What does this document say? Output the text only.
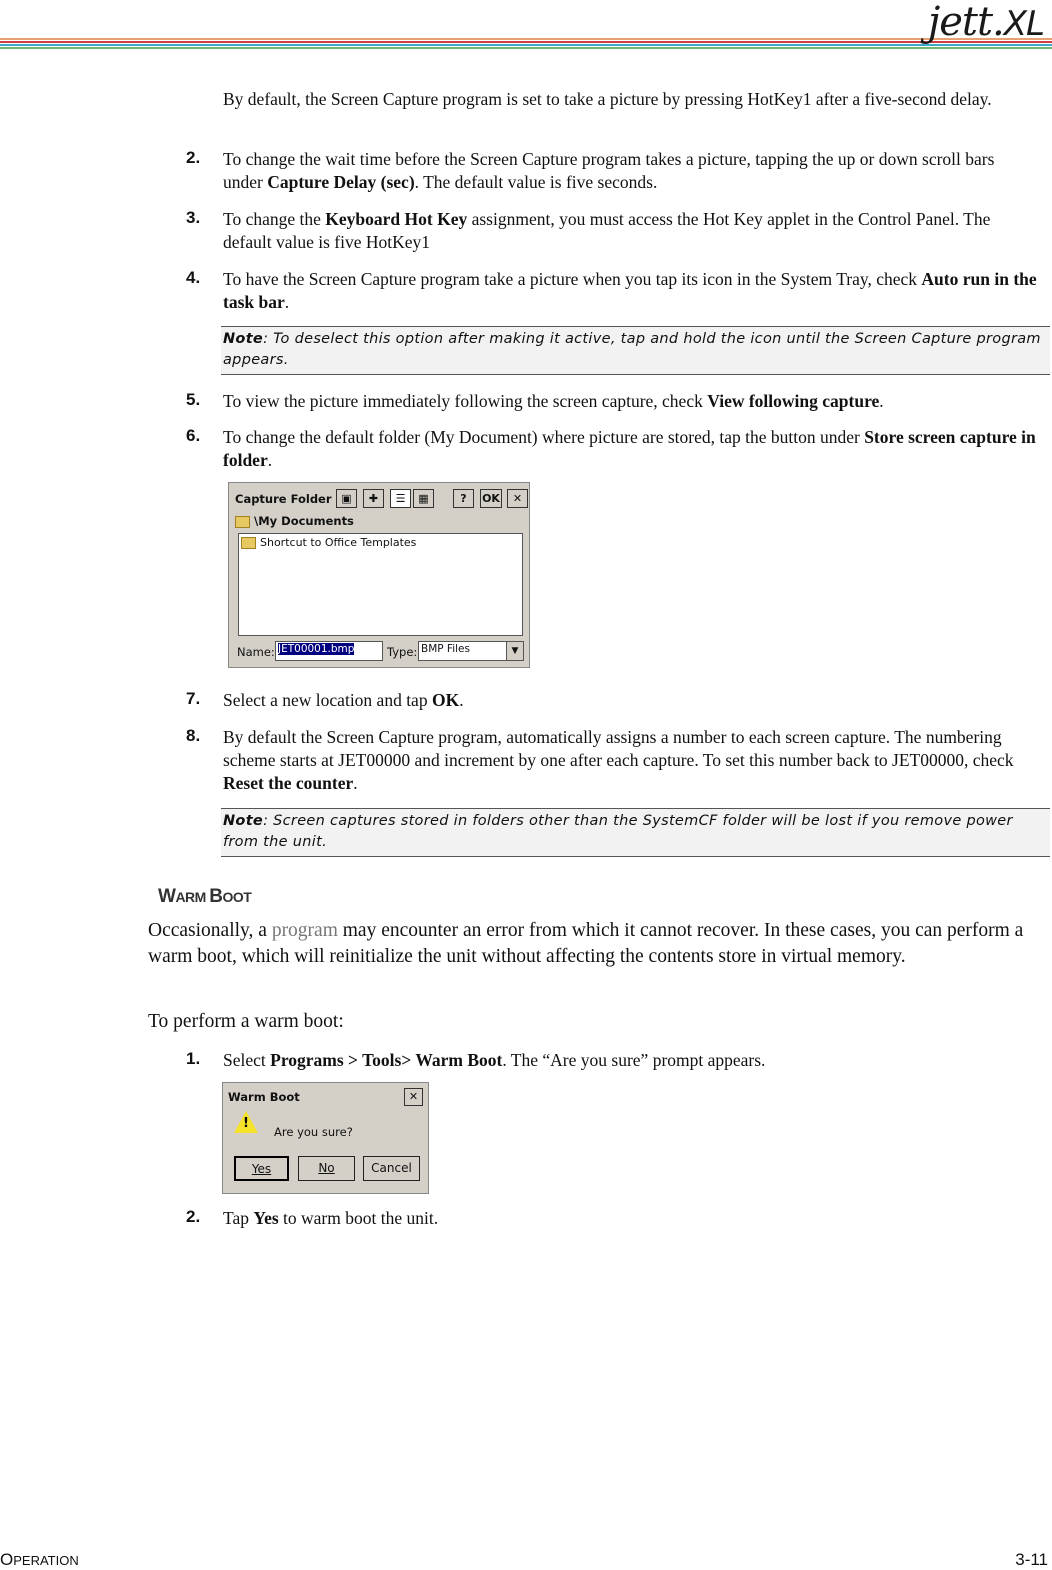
jett.XL
By default, the Screen Capture program is set to take a picture by pressing HotKey1 after a five-second delay.
2. To change the wait time before the Screen Capture program takes a picture, tapping the up or down scroll bars under Capture Delay (sec). The default value is five seconds.
3. To change the Keyboard Hot Key assignment, you must access the Hot Key applet in the Control Panel. The default value is five HotKey1
4. To have the Screen Capture program take a picture when you tap its icon in the System Tray, check Auto run in the task bar.
Note: To deselect this option after making it active, tap and hold the icon until the Screen Capture program appears.
5. To view the picture immediately following the screen capture, check View following capture.
6. To change the default folder (My Document) where picture are stored, tap the button under Store screen capture in folder.
Capture Folder ▣	✚	☰	▦	?	OK	✕
\My Documents
Shortcut to Office Templates
Name: JET00001.bmp	Type: BMP Files	▼
7. Select a new location and tap OK.
8. By default the Screen Capture program, automatically assigns a number to each screen capture. The numbering scheme starts at JET00000 and increment by one after each capture. To set this number back to JET00000, check Reset the counter.
Note: Screen captures stored in folders other than the SystemCF folder will be lost if you remove power from the unit.
WARM BOOT
Occasionally, a program may encounter an error from which it cannot recover. In these cases, you can perform a warm boot, which will reinitialize the unit without affecting the contents store in virtual memory.
To perform a warm boot:
1. Select Programs > Tools> Warm Boot. The “Are you sure” prompt appears.
Warm Boot	✕
!
Are you sure?
Yes	No	Cancel
2. Tap Yes to warm boot the unit.
OPERATION	3-11
